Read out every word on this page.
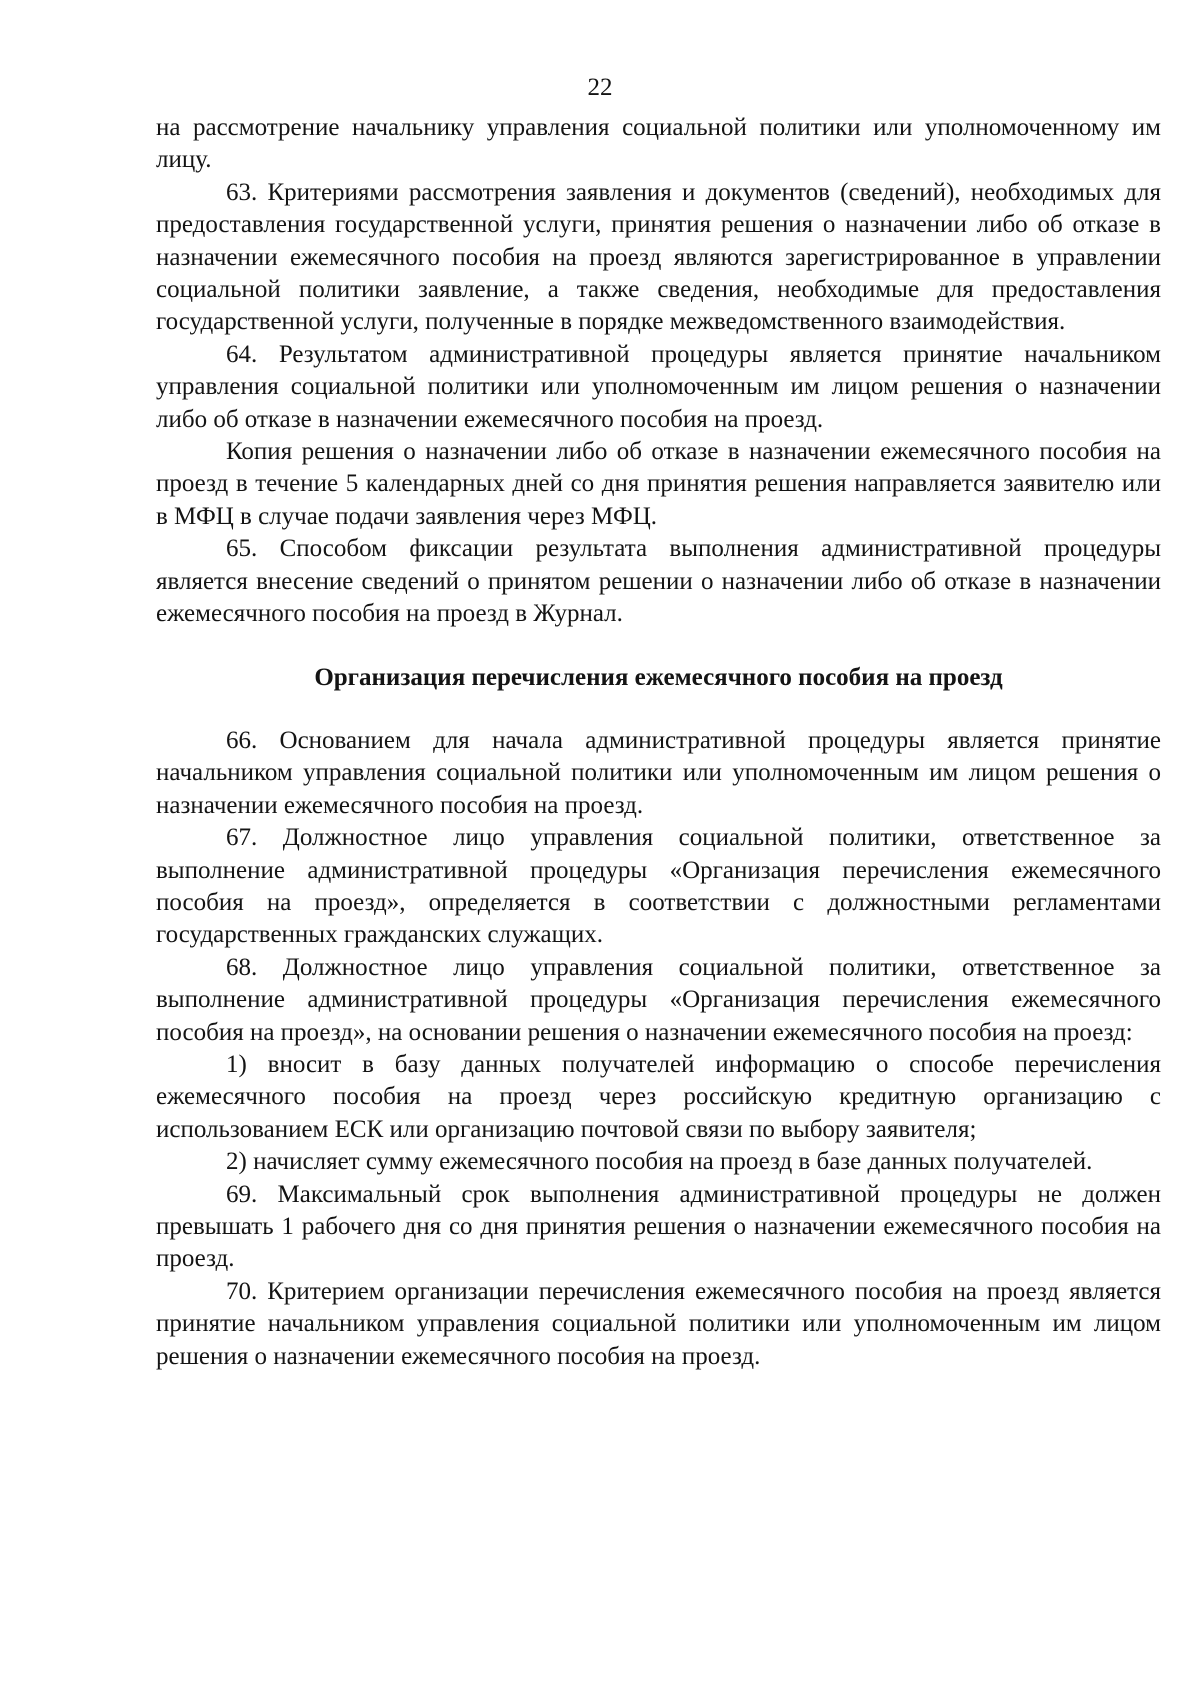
22

на рассмотрение начальнику управления социальной политики или уполномоченному им лицу.

63. Критериями рассмотрения заявления и документов (сведений), необходимых для предоставления государственной услуги, принятия решения о назначении либо об отказе в назначении ежемесячного пособия на проезд являются зарегистрированное в управлении социальной политики заявление, а также сведения, необходимые для предоставления государственной услуги, полученные в порядке межведомственного взаимодействия.

64. Результатом административной процедуры является принятие начальником управления социальной политики или уполномоченным им лицом решения о назначении либо об отказе в назначении ежемесячного пособия на проезд.

Копия решения о назначении либо об отказе в назначении ежемесячного пособия на проезд в течение 5 календарных дней со дня принятия решения направляется заявителю или в МФЦ в случае подачи заявления через МФЦ.

65. Способом фиксации результата выполнения административной процедуры является внесение сведений о принятом решении о назначении либо об отказе в назначении ежемесячного пособия на проезд в Журнал.

Организация перечисления ежемесячного пособия на проезд

66. Основанием для начала административной процедуры является принятие начальником управления социальной политики или уполномоченным им лицом решения о назначении ежемесячного пособия на проезд.

67. Должностное лицо управления социальной политики, ответственное за выполнение административной процедуры «Организация перечисления ежемесячного пособия на проезд», определяется в соответствии с должностными регламентами государственных гражданских служащих.

68. Должностное лицо управления социальной политики, ответственное за выполнение административной процедуры «Организация перечисления ежемесячного пособия на проезд», на основании решения о назначении ежемесячного пособия на проезд:

1) вносит в базу данных получателей информацию о способе перечисления ежемесячного пособия на проезд через российскую кредитную организацию с использованием ЕСК или организацию почтовой связи по выбору заявителя;

2) начисляет сумму ежемесячного пособия на проезд в базе данных получателей.

69. Максимальный срок выполнения административной процедуры не должен превышать 1 рабочего дня со дня принятия решения о назначении ежемесячного пособия на проезд.

70. Критерием организации перечисления ежемесячного пособия на проезд является принятие начальником управления социальной политики или уполномоченным им лицом решения о назначении ежемесячного пособия на проезд.
